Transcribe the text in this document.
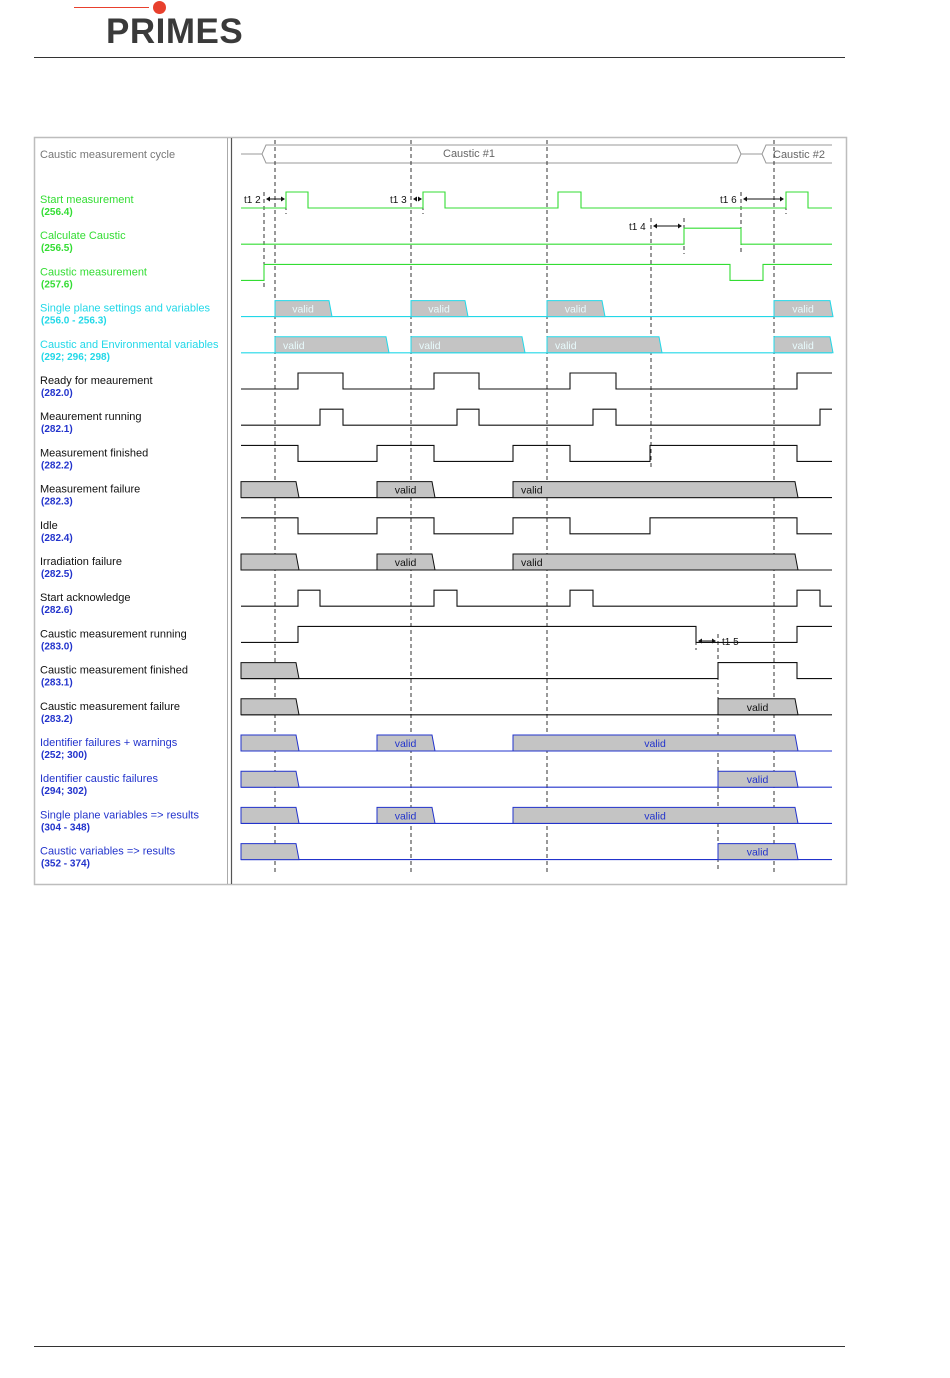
PRIMES
Caustic measurement cycle	Caustic #1	Caustic #2
Start measurement
(256.4)
Calculate Caustic
(256.5)
Caustic measurement
(257.6)
Single plane settings and variables
(256.0 - 256.3)
Caustic and Environmental variables
(292; 296; 298)
Ready for meaurement
(282.0)
Meaurement running
(282.1)
Measurement finished
(282.2)
Measurement failure
(282.3)
Idle
(282.4)
Irradiation failure
(282.5)
Start acknowledge
(282.6)
Caustic measurement running
(283.0)
Caustic measurement finished
(283.1)
Caustic measurement failure
(283.2)
Identifier failures + warnings
(252; 300)
Identifier caustic failures
(294; 302)
Single plane variables => results
(304 - 348)
Caustic variables => results
(352 - 374)
valid	valid	valid	valid
valid	valid	valid	valid
valid	valid
valid	valid
valid
valid	valid
valid
valid	valid
valid
t1 2	t1 3	t1 6
t1 4
t1 5
